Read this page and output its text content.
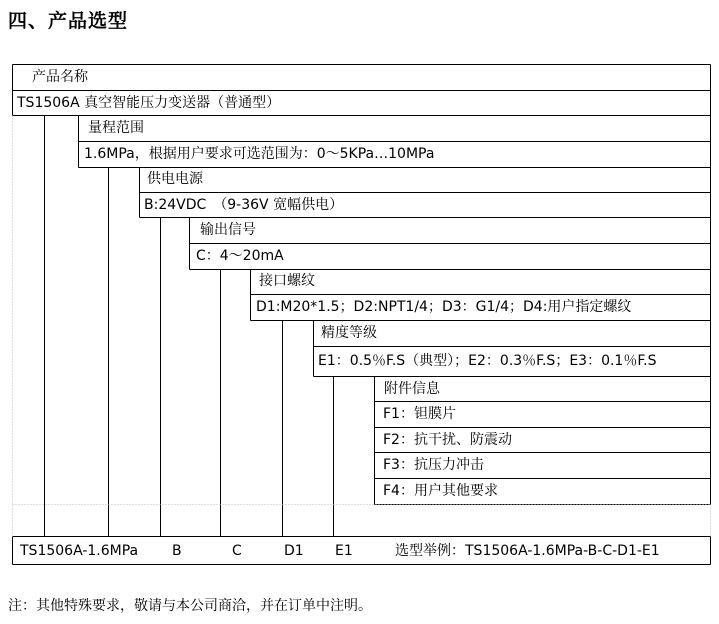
四、产品选型
产品名称
TS1506A 真空智能压力变送器（普通型）
量程范围
1.6MPa，根据用户要求可选范围为：0～5KPa…10MPa
供电电源
B:24VDC　（9-36V 宽幅供电）
输出信号
C：4～20mA
接口螺纹
D1:M20*1.5；D2:NPT1/4；D3：G1/4；D4:用户指定螺纹
精度等级
E1：0.5％F.S（典型）；E2：0.3％F.S；E3：0.1％F.S
附件信息
F1：钽膜片
F2：抗干扰、防震动
F3：抗压力冲击
F4：用户其他要求
TS1506A-1.6MPa B	C	D1 E1	选型举例：TS1506A-1.6MPa-B-C-D1-E1
注：其他特殊要求，敬请与本公司商洽，并在订单中注明。
